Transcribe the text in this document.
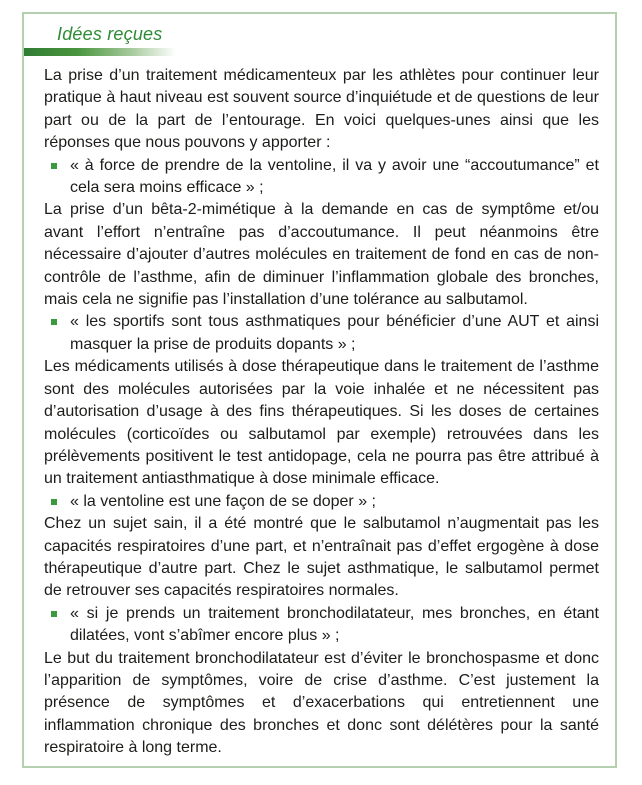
Idées reçues

La prise d’un traitement médicamenteux par les athlètes pour continuer leur pratique à haut niveau est souvent source d’inquiétude et de questions de leur part ou de la part de l’entourage. En voici quelques-unes ainsi que les réponses que nous pouvons y apporter :

« à force de prendre de la ventoline, il va y avoir une “accoutumance” et cela sera moins efficace » ;

La prise d’un bêta-2-mimétique à la demande en cas de symptôme et/ou avant l’effort n’entraîne pas d’accoutumance. Il peut néanmoins être nécessaire d’ajouter d’autres molécules en traitement de fond en cas de non-contrôle de l’asthme, afin de diminuer l’inflammation globale des bronches, mais cela ne signifie pas l’installation d’une tolérance au salbutamol.

« les sportifs sont tous asthmatiques pour bénéficier d’une AUT et ainsi masquer la prise de produits dopants » ;

Les médicaments utilisés à dose thérapeutique dans le traitement de l’asthme sont des molécules autorisées par la voie inhalée et ne nécessitent pas d’autorisation d’usage à des fins thérapeutiques. Si les doses de certaines molécules (corticoïdes ou salbutamol par exemple) retrouvées dans les prélèvements positivent le test antidopage, cela ne pourra pas être attribué à un traitement antiasthmatique à dose minimale efficace.

« la ventoline est une façon de se doper » ;

Chez un sujet sain, il a été montré que le salbutamol n’augmentait pas les capacités respiratoires d’une part, et n’entraînait pas d’effet ergogène à dose thérapeutique d’autre part. Chez le sujet asthmatique, le salbutamol permet de retrouver ses capacités respiratoires normales.

« si je prends un traitement bronchodilatateur, mes bronches, en étant dilatées, vont s’abîmer encore plus » ;

Le but du traitement bronchodilatateur est d’éviter le bronchospasme et donc l’apparition de symptômes, voire de crise d’asthme. C’est justement la présence de symptômes et d’exacerbations qui entretiennent une inflammation chronique des bronches et donc sont délétères pour la santé respiratoire à long terme.
